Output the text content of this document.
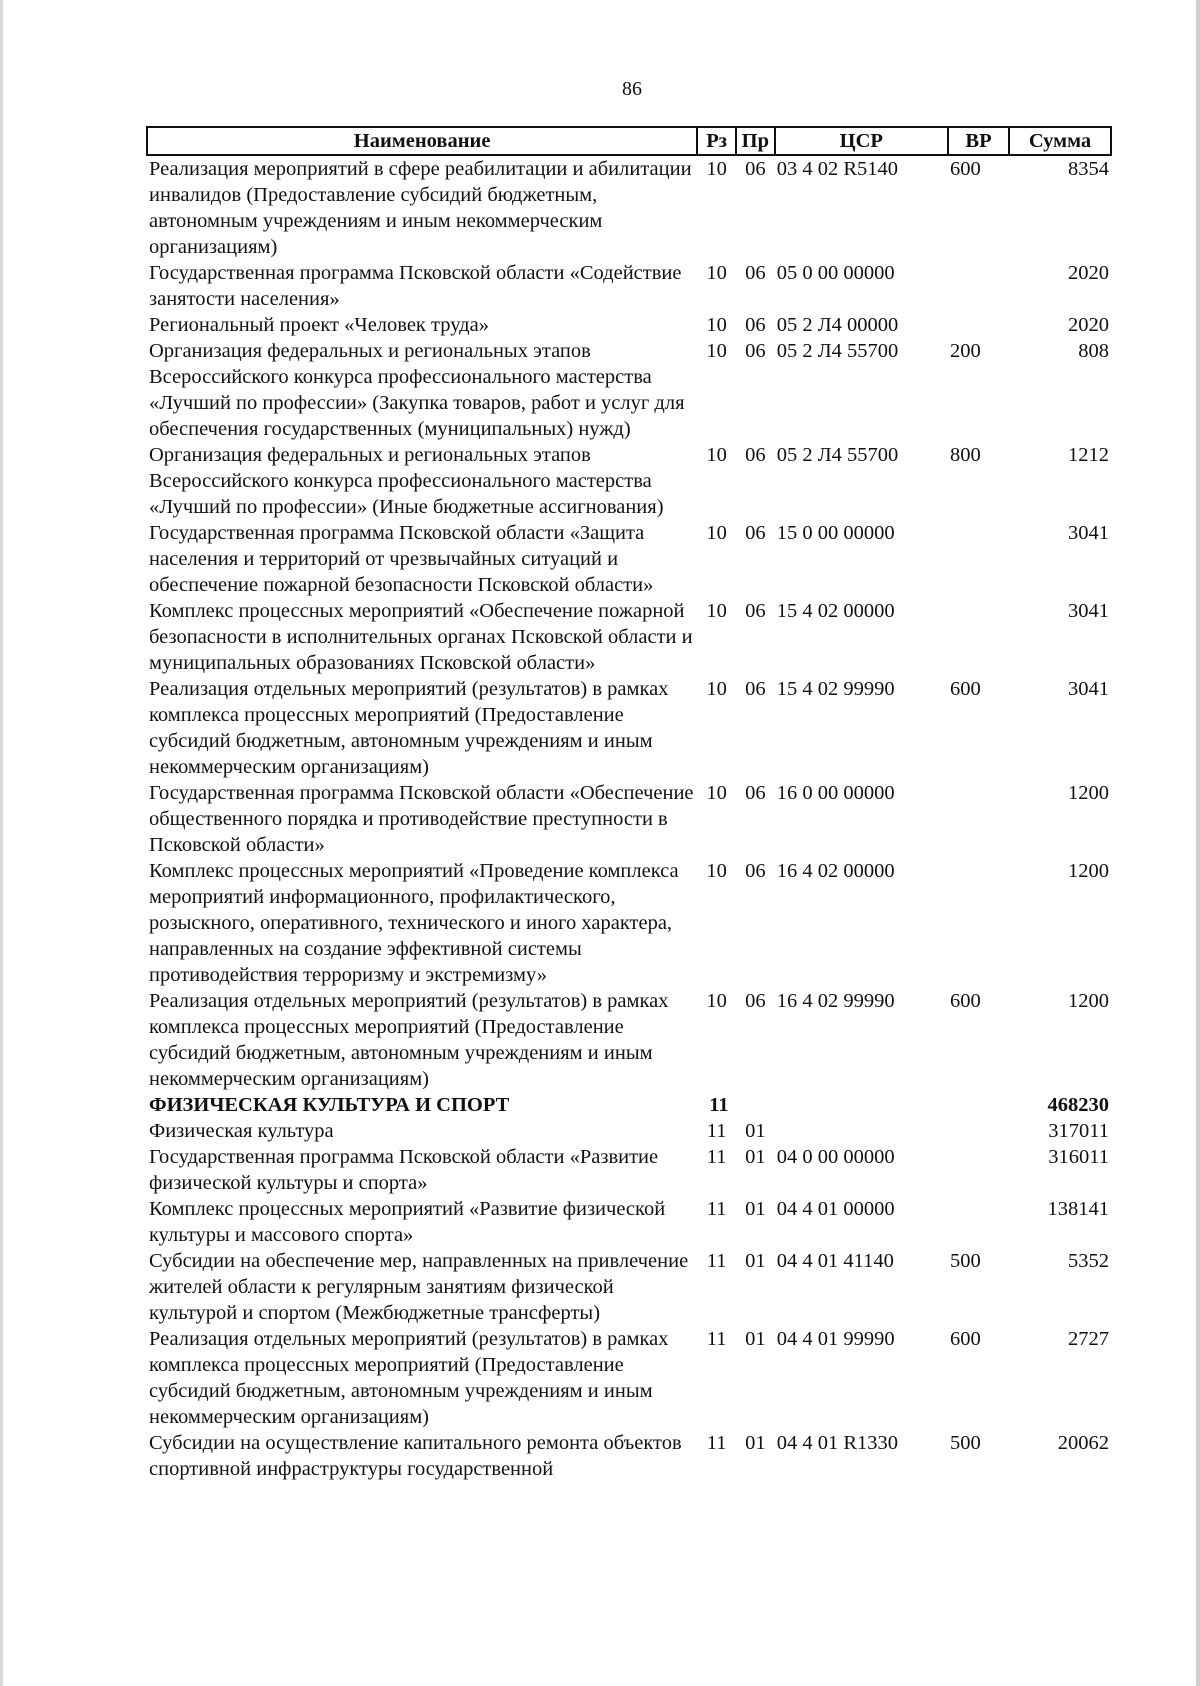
86
Наименование	Рз	Пр	ЦСР	ВР	Сумма
Реализация мероприятий в сфере реабилитации и абилитации инвалидов (Предоставление субсидий бюджетным, автономным учреждениям и иным некоммерческим организациям)	10	06	03 4 02 R5140	600	8354
Государственная программа Псковской области «Содействие занятости населения»	10	06	05 0 00 00000		2020
Региональный проект «Человек труда»	10	06	05 2 Л4 00000		2020
Организация федеральных и региональных этапов Всероссийского конкурса профессионального мастерства «Лучший по профессии» (Закупка товаров, работ и услуг для обеспечения государственных (муниципальных) нужд)	10	06	05 2 Л4 55700	200	808
Организация федеральных и региональных этапов Всероссийского конкурса профессионального мастерства «Лучший по профессии» (Иные бюджетные ассигнования)	10	06	05 2 Л4 55700	800	1212
Государственная программа Псковской области «Защита населения и территорий от чрезвычайных ситуаций и обеспечение пожарной безопасности Псковской области»	10	06	15 0 00 00000		3041
Комплекс процессных мероприятий «Обеспечение пожарной безопасности в исполнительных органах Псковской области и муниципальных образованиях Псковской области»	10	06	15 4 02 00000		3041
Реализация отдельных мероприятий (результатов) в рамках комплекса процессных мероприятий (Предоставление субсидий бюджетным, автономным учреждениям и иным некоммерческим организациям)	10	06	15 4 02 99990	600	3041
Государственная программа Псковской области «Обеспечение общественного порядка и противодействие преступности в Псковской области»	10	06	16 0 00 00000		1200
Комплекс процессных мероприятий «Проведение комплекса мероприятий информационного, профилактического, розыскного, оперативного, технического и иного характера, направленных на создание эффективной системы противодействия терроризму и экстремизму»	10	06	16 4 02 00000		1200
Реализация отдельных мероприятий (результатов) в рамках комплекса процессных мероприятий (Предоставление субсидий бюджетным, автономным учреждениям и иным некоммерческим организациям)	10	06	16 4 02 99990	600	1200
ФИЗИЧЕСКАЯ КУЛЬТУРА И СПОРТ	11				468230
Физическая культура	11	01			317011
Государственная программа Псковской области «Развитие физической культуры и спорта»	11	01	04 0 00 00000		316011
Комплекс процессных мероприятий «Развитие физической культуры и массового спорта»	11	01	04 4 01 00000		138141
Субсидии на обеспечение мер, направленных на привлечение жителей области к регулярным занятиям физической культурой и спортом (Межбюджетные трансферты)	11	01	04 4 01 41140	500	5352
Реализация отдельных мероприятий (результатов) в рамках комплекса процессных мероприятий (Предоставление субсидий бюджетным, автономным учреждениям и иным некоммерческим организациям)	11	01	04 4 01 99990	600	2727
Субсидии на осуществление капитального ремонта объектов спортивной инфраструктуры государственной	11	01	04 4 01 R1330	500	20062
